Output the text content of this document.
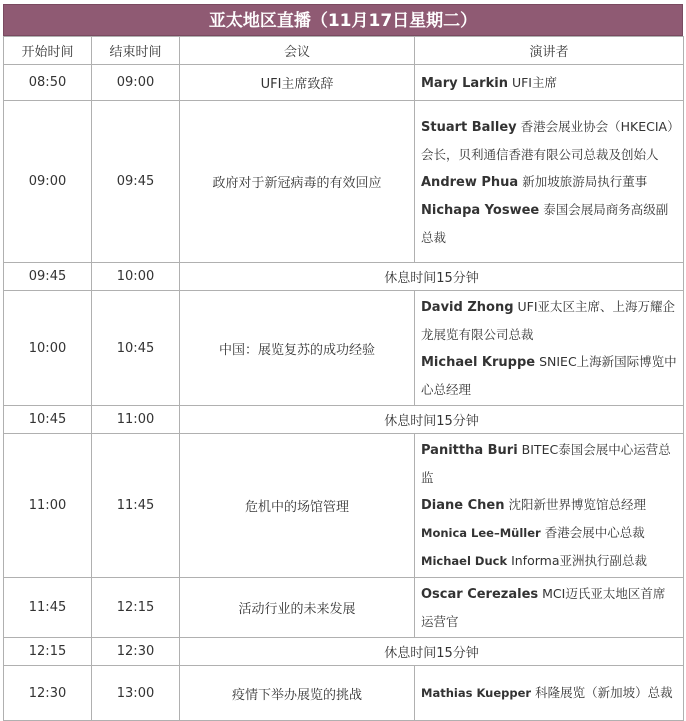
亚太地区直播（11月17日星期二）
开始时间	结束时间	会议	演讲者
08:50	09:00	UFI主席致辞	Mary Larkin UFI主席

09:00	09:45	政府对于新冠病毒的有效回应	Stuart Balley 香港会展业协会（HKECIA）会长，贝利通信香港有限公司总裁及创始人
Andrew Phua 新加坡旅游局执行董事
Nichapa Yoswee 泰国会展局商务高级副总裁

09:45	10:00	休息时间15分钟	
10:00	10:45	中国：展览复苏的成功经验	David Zhong UFI亚太区主席、上海万耀企龙展览有限公司总裁
Michael Kruppe SNIEC上海新国际博览中心总经理

10:45	11:00	休息时间15分钟	
11:00	11:45	危机中的场馆管理	Panittha Buri BITEC泰国会展中心运营总监
Diane Chen 沈阳新世界博览馆总经理
Monica Lee–Müller 香港会展中心总裁
Michael Duck Informa亚洲执行副总裁

11:45	12:15	活动行业的未来发展	Oscar Cerezales MCI迈氏亚太地区首席运营官

12:15	12:30	休息时间15分钟	
12:30	13:00	疫情下举办展览的挑战	Mathias Kuepper 科隆展览（新加坡）总裁
